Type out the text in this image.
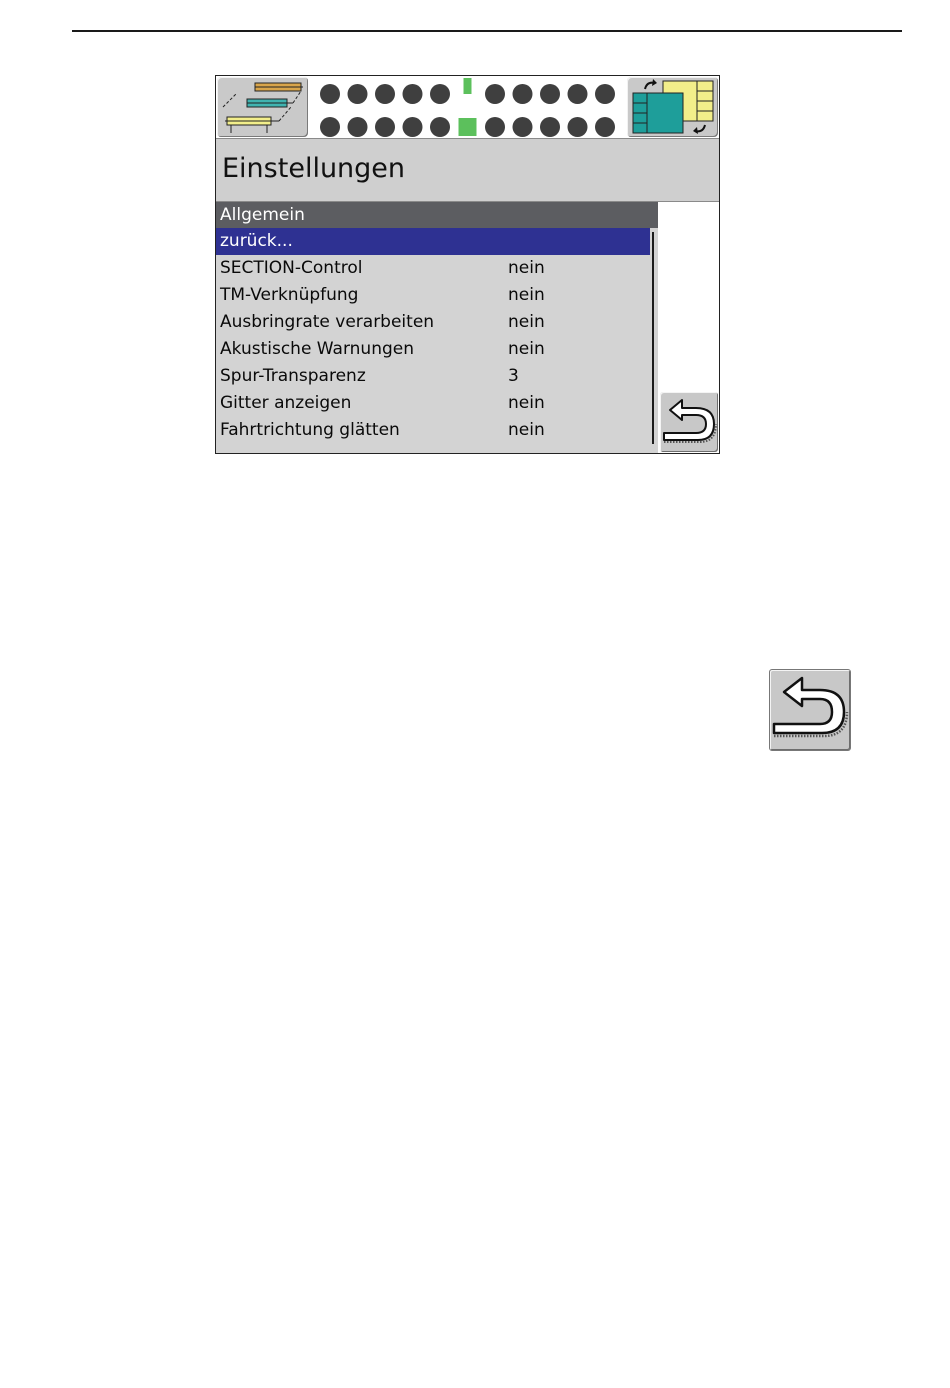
Einstellungen
Allgemein
zurück...
SECTION-Control	nein
TM-Verknüpfung	nein
Ausbringrate verarbeiten	nein
Akustische Warnungen	nein
Spur-Transparenz	3
Gitter anzeigen	nein
Fahrtrichtung glätten	nein
